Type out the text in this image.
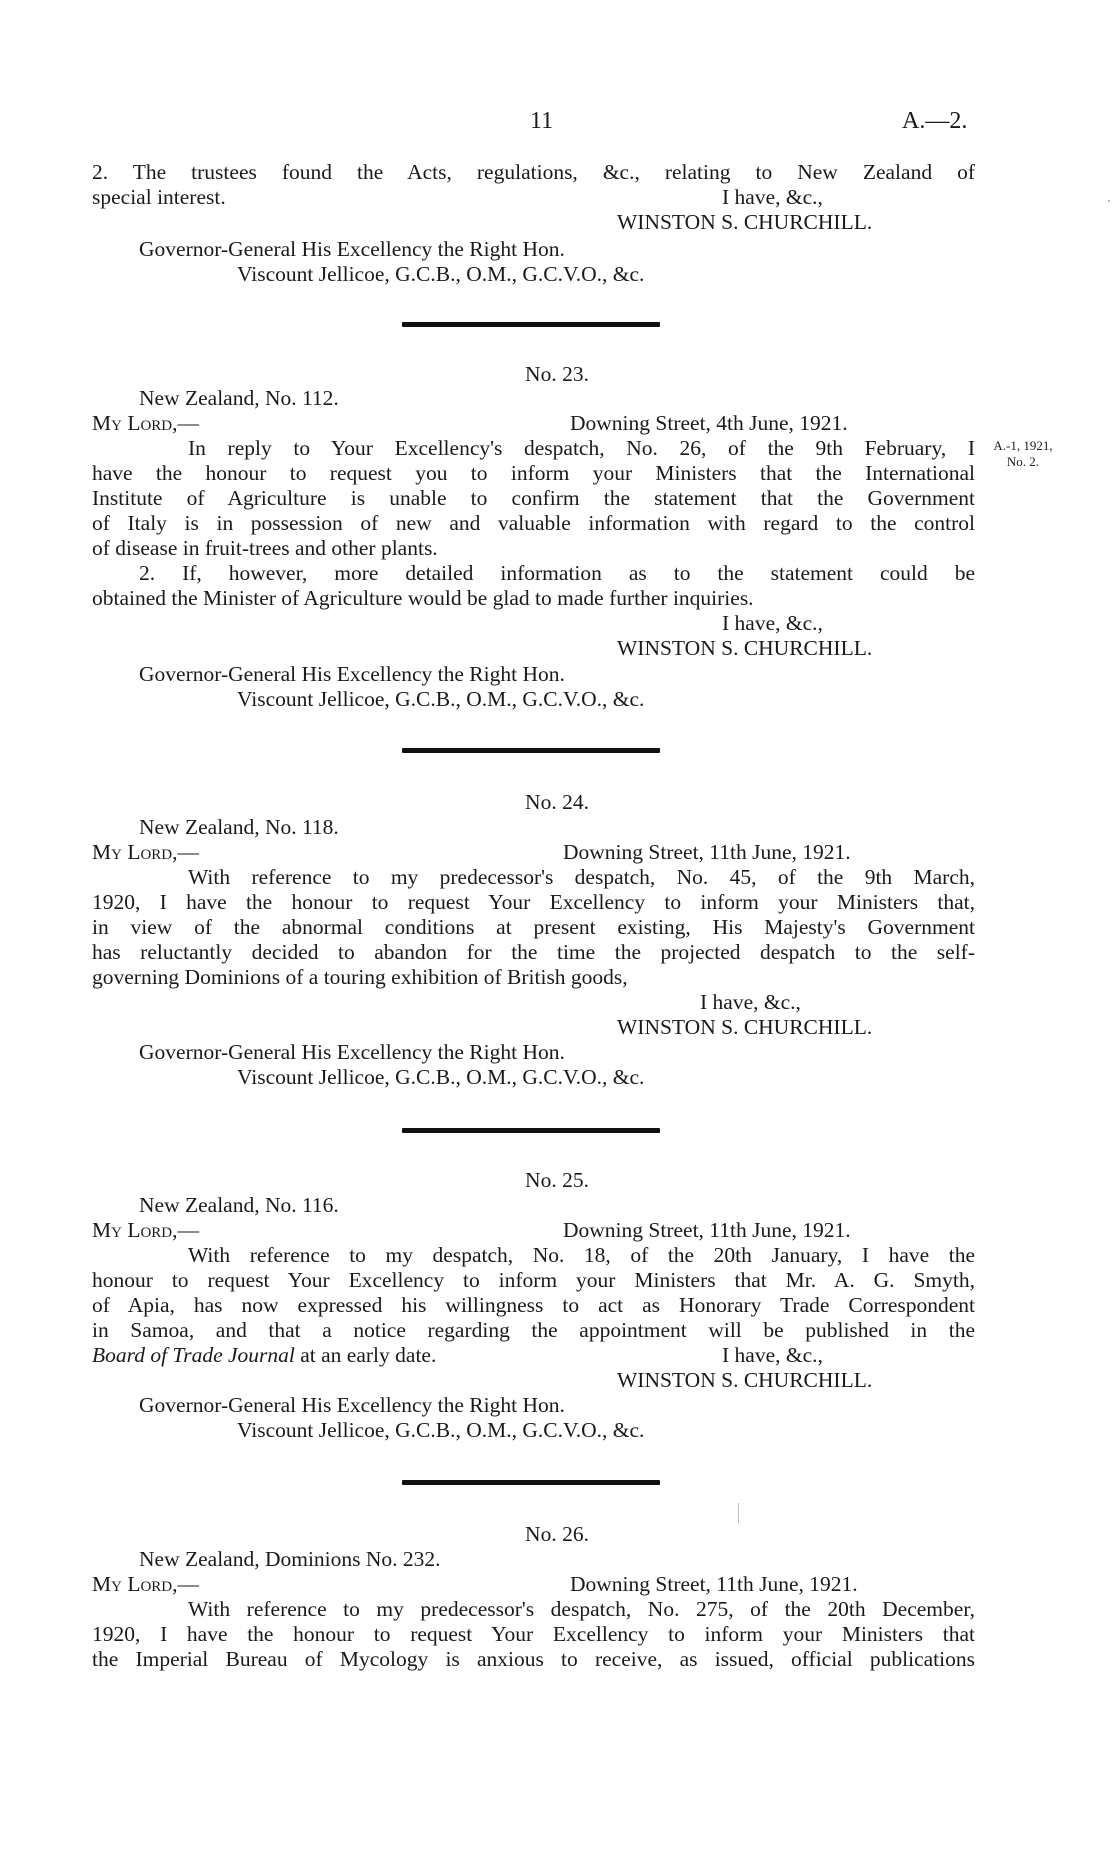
11	A.—2.
2. The trustees found the Acts, regulations, &c., relating to New Zealand of
special interest.	I have, &c.,
WINSTON S. CHURCHILL.
Governor-General His Excellency the Right Hon.
Viscount Jellicoe, G.C.B., O.M., G.C.V.O., &c.
No. 23.
New Zealand, No. 112.
My Lord,—	Downing Street, 4th June, 1921.
In reply to Your Excellency's despatch, No. 26, of the 9th February, I
have the honour to request you to inform your Ministers that the International
Institute of Agriculture is unable to confirm the statement that the Government
of Italy is in possession of new and valuable information with regard to the control
of disease in fruit-trees and other plants.
2. If, however, more detailed information as to the statement could be
obtained the Minister of Agriculture would be glad to made further inquiries.
A.-1, 1921,
No. 2.
I have, &c.,
WINSTON S. CHURCHILL.
Governor-General His Excellency the Right Hon.
Viscount Jellicoe, G.C.B., O.M., G.C.V.O., &c.
No. 24.
New Zealand, No. 118.
My Lord,—	Downing Street, 11th June, 1921.
With reference to my predecessor's despatch, No. 45, of the 9th March,
1920, I have the honour to request Your Excellency to inform your Ministers that,
in view of the abnormal conditions at present existing, His Majesty's Government
has reluctantly decided to abandon for the time the projected despatch to the self-
governing Dominions of a touring exhibition of British goods,
I have, &c.,
WINSTON S. CHURCHILL.
Governor-General His Excellency the Right Hon.
Viscount Jellicoe, G.C.B., O.M., G.C.V.O., &c.
No. 25.
New Zealand, No. 116.
My Lord,—	Downing Street, 11th June, 1921.
With reference to my despatch, No. 18, of the 20th January, I have the
honour to request Your Excellency to inform your Ministers that Mr. A. G. Smyth,
of Apia, has now expressed his willingness to act as Honorary Trade Correspondent
in Samoa, and that a notice regarding the appointment will be published in the
Board of Trade Journal at an early date.	I have, &c.,
WINSTON S. CHURCHILL.
Governor-General His Excellency the Right Hon.
Viscount Jellicoe, G.C.B., O.M., G.C.V.O., &c.
No. 26.
New Zealand, Dominions No. 232.
My Lord,—	Downing Street, 11th June, 1921.
With reference to my predecessor's despatch, No. 275, of the 20th December,
1920, I have the honour to request Your Excellency to inform your Ministers that
the Imperial Bureau of Mycology is anxious to receive, as issued, official publications
